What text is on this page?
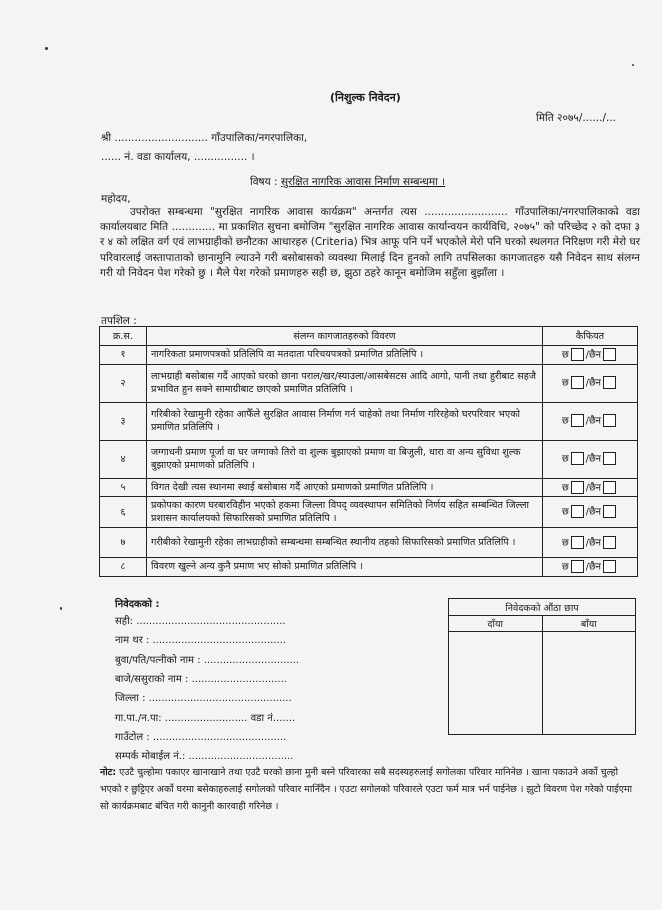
(निशुल्क निवेदन)
मिति २०७५/....../...
श्री ............................ गाँउपालिका/नगरपालिका,
...... नं. वडा कार्यालय, ................ ।
विषय : सुरक्षित नागरिक आवास निर्माण सम्बन्धमा ।
महोदय,
उपरोक्त सम्बन्धमा "सुरक्षित नागरिक आवास कार्यक्रम" अन्तर्गत त्यस ......................... गाँउपालिका/नगरपालिकाको वडा कार्यालयबाट मिति ............. मा प्रकाशित सुचना बमोजिम "सुरक्षित नागरिक आवास कार्यान्वयन कार्यविधि, २०७५" को परिच्छेद २ को दफा ३ र ४ को लक्षित वर्ग एवं लाभग्राहीको छनौटका आधारहरु (Criteria) भित्र आफू पनि पर्ने भएकोले मेरो पनि घरको स्थलगत निरिक्षण गरी मेरो घर परिवारलाई जस्तापाताको छानामुनि ल्याउने गरी बसोबासको व्यवस्था मिलाई दिन हुनको लागि तपसिलका कागजातहरु यसै निवेदन साथ संलग्न गरी यो निवेदन पेश गरेको छु । मैले पेश गरेको प्रमाणहरु सही छ, झुठा ठहरे कानून बमोजिम सहुँला बुझाँला ।
तपशिल :
क्र.स.	संलग्न कागजातहरुको विवरण	कैफियत
१	नागरिकता प्रमाणपत्रको प्रतिलिपि वा मतदाता परिचयपत्रको प्रमाणित प्रतिलिपि ।	छ /छैन
२	लाभग्राही बसोबास गर्दै आएको घरको छाना पराल/खर/स्याउला/आसबेसटस आदि आगो, पानी तथा हुरीबाट सहजै प्रभावित हुन सक्ने सामाग्रीबाट छाएको प्रमाणित प्रतिलिपि ।	छ /छैन
३	गरिबीको रेखामुनी रहेका आफैँले सुरक्षित आवास निर्माण गर्न चाहेको तथा निर्माण गरिरहेको घरपरिवार भएको प्रमाणित प्रतिलिपि ।	छ /छैन
४	जग्गाधनी प्रमाण पूर्जा वा घर जग्गाको तिरो वा शुल्क बुझाएको प्रमाण वा बिजुली, धारा वा अन्य सुविधा शुल्क बुझाएको प्रमाणको प्रतिलिपि ।	छ /छैन
५	विगत देखी त्यस स्थानमा स्थाई बसोबास गर्दै आएको प्रमाणको प्रमाणित प्रतिलिपि ।	छ /छैन
६	प्रकोपका कारण घरबारविहीन भएको हकमा जिल्ला विपद् व्यवस्थापन समितिको निर्णय सहित सम्बन्धित जिल्ला प्रशासन कार्यालयको सिफारिसको प्रमाणित प्रतिलिपि ।	छ /छैन
७	गरीबीको रेखामुनी रहेका लाभग्राहीको सम्बन्धमा सम्बन्धित स्थानीय तहको सिफारिसको प्रमाणित प्रतिलिपि ।	छ /छैन
८	विवरण खुल्ने अन्य कुनै प्रमाण भए सोको प्रमाणित प्रतिलिपि ।	छ /छैन
निवेदकको :
सही: ...............................................
नाम थर : ..........................................
बुवा/पति/पत्नीको नाम : ..............................
बाजे/ससुराको नाम : ..............................
जिल्ला : .............................................
गा.पा./न.पा: .......................... वडा नं.......
गाउँटोल : ..........................................
सम्पर्क मोबाईल नं.: .................................
निवेदकको औंठा छाप	
दाँया	बाँया

नोट: एउटै चुल्होमा पकाएर खानाखाने तथा एउटै घरको छाना मुनी बस्ने परिवारका सबै सदस्यहरुलाई सगोलका परिवार मानिनेछ । खाना पकाउने अर्को चुल्हो भएको र छुट्टिएर अर्को घरमा बसेकाहरुलाई सगोलको परिवार मानिँदैन । एउटा सगोलको परिवारले एउटा फर्म मात्र भर्न पाईनेछ । झुटो विवरण पेश गरेको पाईएमा सो कार्यक्रमबाट बंचित गरी कानुनी कारवाही गरिनेछ ।
